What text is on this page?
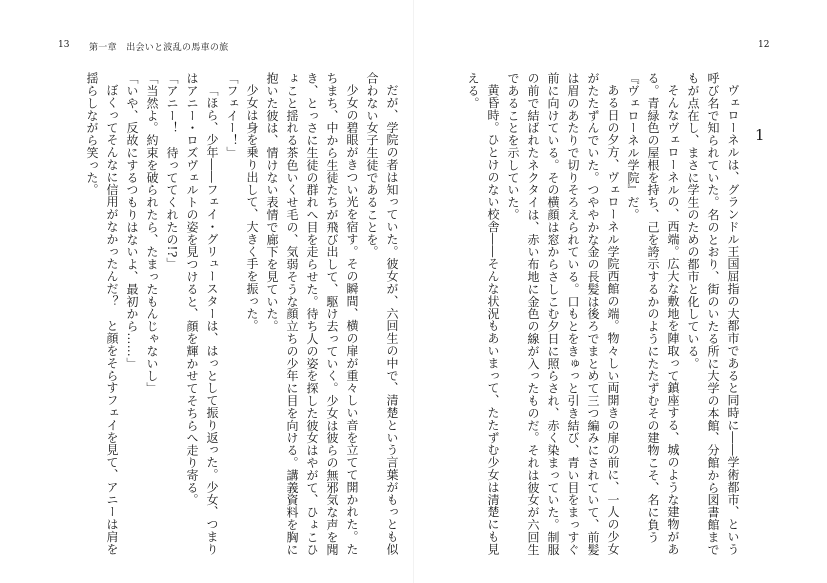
13 第一章　出会いと波乱の馬車の旅	12
1

ヴェローネルは、グランドル王国屈指の大都市であると同時に――学術都市、という呼び名で知られていた。名のとおり、街のいたる所に大学の本館、分館から図書館までもが点在し、まさに学生のための都市と化している。

そんなヴェローネルの、西端。広大な敷地を陣取って鎮座する、城のような建物がある。青緑色の屋根を持ち、己を誇示するかのようにたたずむその建物こそ、名に負う『ヴェローネル学院』だ。

ある日の夕方、ヴェローネル学院西館の端。物々しい両開きの扉の前に、一人の少女がたたずんでいた。つややかな金の長髪は後ろでまとめて三つ編みにされていて、前髪は眉のあたりで切りそろえられている。口もとをきゅっと引き結び、青い目をまっすぐ前に向けている。その横顔は窓からさしこむ夕日に照らされ、赤く染まっていた。制服の前で結ばれたネクタイは、赤い布地に金色の線が入ったものだ。それは彼女が六回生であることを示していた。

黄昏時。ひとけのない校舎――そんな状況もあいまって、たたずむ少女は清楚にも見える。

だが、学院の者は知っていた。彼女が、六回生の中で、清楚という言葉がもっとも似合わない女子生徒であることを。

少女の碧眼がきつい光を宿す。その瞬間、横の扉が重々しい音を立てて開かれた。たちまち、中から生徒たちが飛び出して、駆け去っていく。少女は彼らの無邪気な声を聞き、とっさに生徒の群れへ目を走らせた。待ち人の姿を探した彼女はやがて、ひょこひょこと揺れる茶色いくせ毛の、気弱そうな顔立ちの少年に目を向ける。講義資料を胸に抱いた彼は、情けない表情で廊下を見ていた。

少女は身を乗り出して、大きく手を振った。

「フェイー！」

「ほら、少年――フェイ・グリュースターは、はっとして振り返った。少女、つまりはアニー・ロズヴェルトの姿を見つけると、顔を輝かせてそちらへ走り寄る。

「アニー！　待っててくれたの!?」

「当然よ。約束を破られたら、たまったもんじゃないし」

「いや、反故にするつもりはないよ、最初から……」

ぼくってそんなに信用がなかったんだ？　と顔をそらすフェイを見て、アニーは肩を揺らしながら笑った。
